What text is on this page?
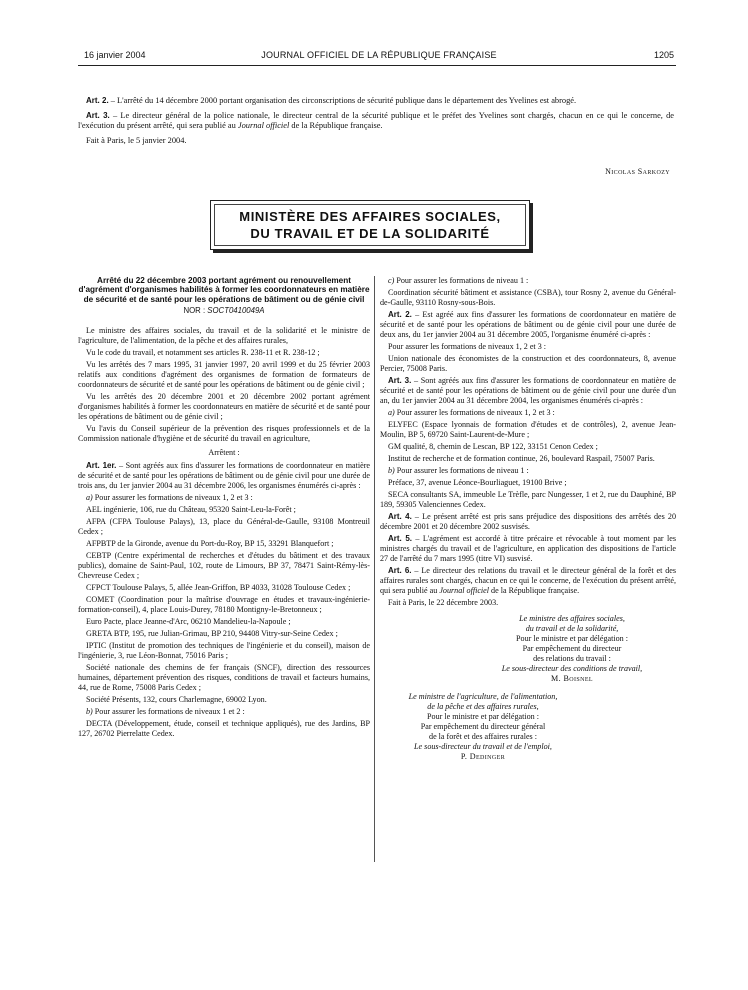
16 janvier 2004	JOURNAL OFFICIEL DE LA RÉPUBLIQUE FRANÇAISE	1205

Art. 2. – L'arrêté du 14 décembre 2000 portant organisation des circonscriptions de sécurité publique dans le département des Yvelines est abrogé.

Art. 3. – Le directeur général de la police nationale, le directeur central de la sécurité publique et le préfet des Yvelines sont chargés, chacun en ce qui le concerne, de l'exécution du présent arrêté, qui sera publié au Journal officiel de la République française.

Fait à Paris, le 5 janvier 2004.

Nicolas Sarkozy
MINISTÈRE DES AFFAIRES SOCIALES,
DU TRAVAIL ET DE LA SOLIDARITÉ
Arrêté du 22 décembre 2003 portant agrément ou renouvellement d'agrément d'organismes habilités à former les coordonnateurs en matière de sécurité et de santé pour les opérations de bâtiment ou de génie civil
NOR : SOCT0410049A

Le ministre des affaires sociales, du travail et de la solidarité et le ministre de l'agriculture, de l'alimentation, de la pêche et des affaires rurales,

Vu le code du travail, et notamment ses articles R. 238-11 et R. 238-12 ;

Vu les arrêtés des 7 mars 1995, 31 janvier 1997, 20 avril 1999 et du 25 février 2003 relatifs aux conditions d'agrément des organismes de formation de formateurs de coordonnateurs de sécurité et de santé pour les opérations de bâtiment ou de génie civil ;

Vu les arrêtés des 20 décembre 2001 et 20 décembre 2002 portant agrément d'organismes habilités à former les coordonnateurs en matière de sécurité et de santé pour les opérations de bâtiment ou de génie civil ;

Vu l'avis du Conseil supérieur de la prévention des risques professionnels et de la Commission nationale d'hygiène et de sécurité du travail en agriculture,

Arrêtent :

Art. 1er. – Sont agréés aux fins d'assurer les formations de coordonnateur en matière de sécurité et de santé pour les opérations de bâtiment ou de génie civil pour une durée de trois ans, du 1er janvier 2004 au 31 décembre 2006, les organismes énumérés ci-après :

a) Pour assurer les formations de niveaux 1, 2 et 3 :

AEL ingénierie, 106, rue du Château, 95320 Saint-Leu-la-Forêt ;

AFPA (CFPA Toulouse Palays), 13, place du Général-de-Gaulle, 93108 Montreuil Cedex ;

AFPBTP de la Gironde, avenue du Port-du-Roy, BP 15, 33291 Blanquefort ;

CEBTP (Centre expérimental de recherches et d'études du bâtiment et des travaux publics), domaine de Saint-Paul, 102, route de Limours, BP 37, 78471 Saint-Rémy-lès-Chevreuse Cedex ;

CFPCT Toulouse Palays, 5, allée Jean-Griffon, BP 4033, 31028 Toulouse Cedex ;

COMET (Coordination pour la maîtrise d'ouvrage en études et travaux-ingénierie-formation-conseil), 4, place Louis-Durey, 78180 Montigny-le-Bretonneux ;

Euro Pacte, place Jeanne-d'Arc, 06210 Mandelieu-la-Napoule ;

GRETA BTP, 195, rue Julian-Grimau, BP 210, 94408 Vitry-sur-Seine Cedex ;

IPTIC (Institut de promotion des techniques de l'ingénierie et du conseil), maison de l'ingénierie, 3, rue Léon-Bonnat, 75016 Paris ;

Société nationale des chemins de fer français (SNCF), direction des ressources humaines, département prévention des risques, conditions de travail et facteurs humains, 44, rue de Rome, 75008 Paris Cedex ;

Société Présents, 132, cours Charlemagne, 69002 Lyon.

b) Pour assurer les formations de niveaux 1 et 2 :

DECTA (Développement, étude, conseil et technique appliqués), rue des Jardins, BP 127, 26702 Pierrelatte Cedex.

c) Pour assurer les formations de niveau 1 :

Coordination sécurité bâtiment et assistance (CSBA), tour Rosny 2, avenue du Général-de-Gaulle, 93110 Rosny-sous-Bois.

Art. 2. – Est agréé aux fins d'assurer les formations de coordonnateur en matière de sécurité et de santé pour les opérations de bâtiment ou de génie civil pour une durée de deux ans, du 1er janvier 2004 au 31 décembre 2005, l'organisme énuméré ci-après :

Pour assurer les formations de niveaux 1, 2 et 3 :

Union nationale des économistes de la construction et des coordonnateurs, 8, avenue Percier, 75008 Paris.

Art. 3. – Sont agréés aux fins d'assurer les formations de coordonnateur en matière de sécurité et de santé pour les opérations de bâtiment ou de génie civil pour une durée d'un an, du 1er janvier 2004 au 31 décembre 2004, les organismes énumérés ci-après :

a) Pour assurer les formations de niveaux 1, 2 et 3 :

ELYFEC (Espace lyonnais de formation d'études et de contrôles), 2, avenue Jean-Moulin, BP 5, 69720 Saint-Laurent-de-Mure ;

GM qualité, 8, chemin de Lescan, BP 122, 33151 Cenon Cedex ;

Institut de recherche et de formation continue, 26, boulevard Raspail, 75007 Paris.

b) Pour assurer les formations de niveau 1 :

Préface, 37, avenue Léonce-Bourliaguet, 19100 Brive ;

SECA consultants SA, immeuble Le Trèfle, parc Nungesser, 1 et 2, rue du Dauphiné, BP 189, 59305 Valenciennes Cedex.

Art. 4. – Le présent arrêté est pris sans préjudice des dispositions des arrêtés des 20 décembre 2001 et 20 décembre 2002 susvisés.

Art. 5. – L'agrément est accordé à titre précaire et révocable à tout moment par les ministres chargés du travail et de l'agriculture, en application des dispositions de l'article 27 de l'arrêté du 7 mars 1995 (titre VI) susvisé.

Art. 6. – Le directeur des relations du travail et le directeur général de la forêt et des affaires rurales sont chargés, chacun en ce qui le concerne, de l'exécution du présent arrêté, qui sera publié au Journal officiel de la République française.

Fait à Paris, le 22 décembre 2003.

Le ministre des affaires sociales,
du travail et de la solidarité,
Pour le ministre et par délégation :
Par empêchement du directeur
des relations du travail :
Le sous-directeur des conditions de travail,
M. Boisnel
Le ministre de l'agriculture, de l'alimentation,
de la pêche et des affaires rurales,
Pour le ministre et par délégation :
Par empêchement du directeur général
de la forêt et des affaires rurales :
Le sous-directeur du travail et de l'emploi,
P. Dedinger
